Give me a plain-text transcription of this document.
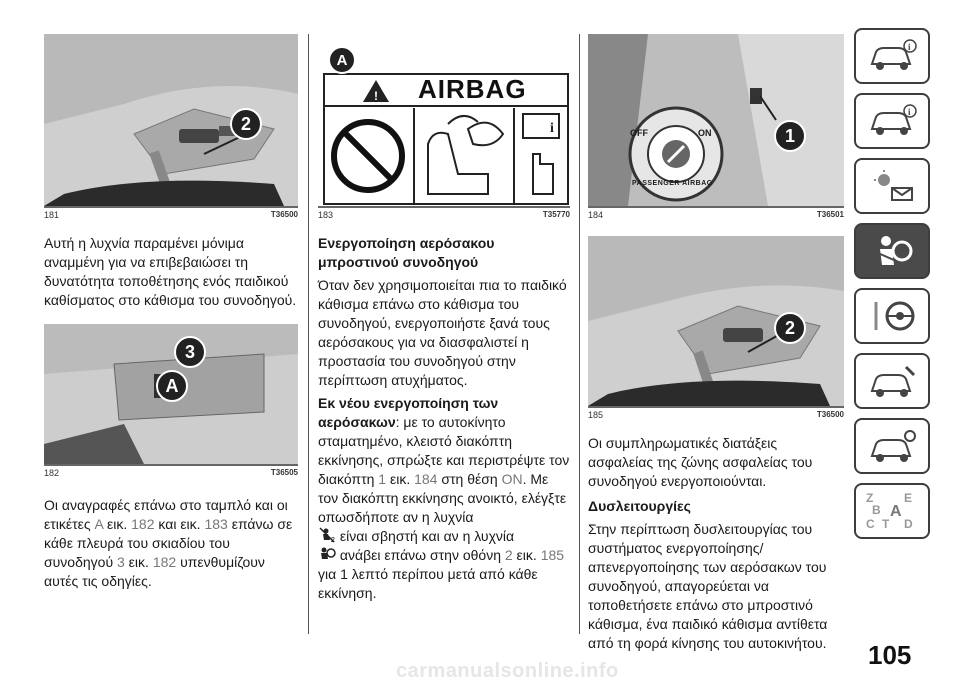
2
181	T36500

Αυτή η λυχνία παραμένει μόνιμα αναμμένη για να επιβεβαιώσει τη δυνατότητα τοποθέτησης ενός παιδικού καθίσματος στο κάθισμα του συνοδηγού.

3
A
182	T36505

Οι αναγραφές επάνω στο ταμπλό και οι ετικέτες A εικ. 182 και εικ. 183 επάνω σε κάθε πλευρά του σκιαδίου του συνοδηγού 3 εικ. 182 υπενθυμίζουν αυτές τις οδηγίες.

!
i
AIRBAG
A
183	T35770
Ενεργοποίηση αερόσακου μπροστινού συνοδηγού

Όταν δεν χρησιμοποιείται πια το παιδικό κάθισμα επάνω στο κάθισμα του συνοδηγού, ενεργοποιήστε ξανά τους αερόσακους για να διασφαλιστεί η προστασία του συνοδηγού στην περίπτωση ατυχήματος.

Εκ νέου ενεργοποίηση των αερόσακων: με το αυτοκίνητο σταματημένο, κλειστό διακόπτη εκκίνησης, σπρώξτε και περιστρέψτε τον διακόπτη 1 εικ. 184 στη θέση ON. Με τον διακόπτη εκκίνησης ανοικτό, ελέγξτε οπωσδήποτε αν η λυχνία

2 είναι σβηστή και αν η λυχνία
ανάβει επάνω στην οθόνη 2 εικ. 185 για 1 λεπτό περίπου μετά από κάθε εκκίνηση.

OFF	ON
PASSENGER AIRBAG
1
184	T36501
2
185	T36500

Οι συμπληρωματικές διατάξεις ασφαλείας της ζώνης ασφαλείας του συνοδηγού ενεργοποιούνται.

Δυσλειτουργίες

Στην περίπτωση δυσλειτουργίας του συστήματος ενεργοποίησης/ απενεργοποίησης των αερόσακων του συνοδηγού, απαγορεύεται να τοποθετήσετε επάνω στο μπροστινό κάθισμα, ένα παιδικό κάθισμα αντίθετα από τη φορά κίνησης του αυτοκινήτου.

i
i
Z	E
B A
C T D
105
carmanualsonline.info
